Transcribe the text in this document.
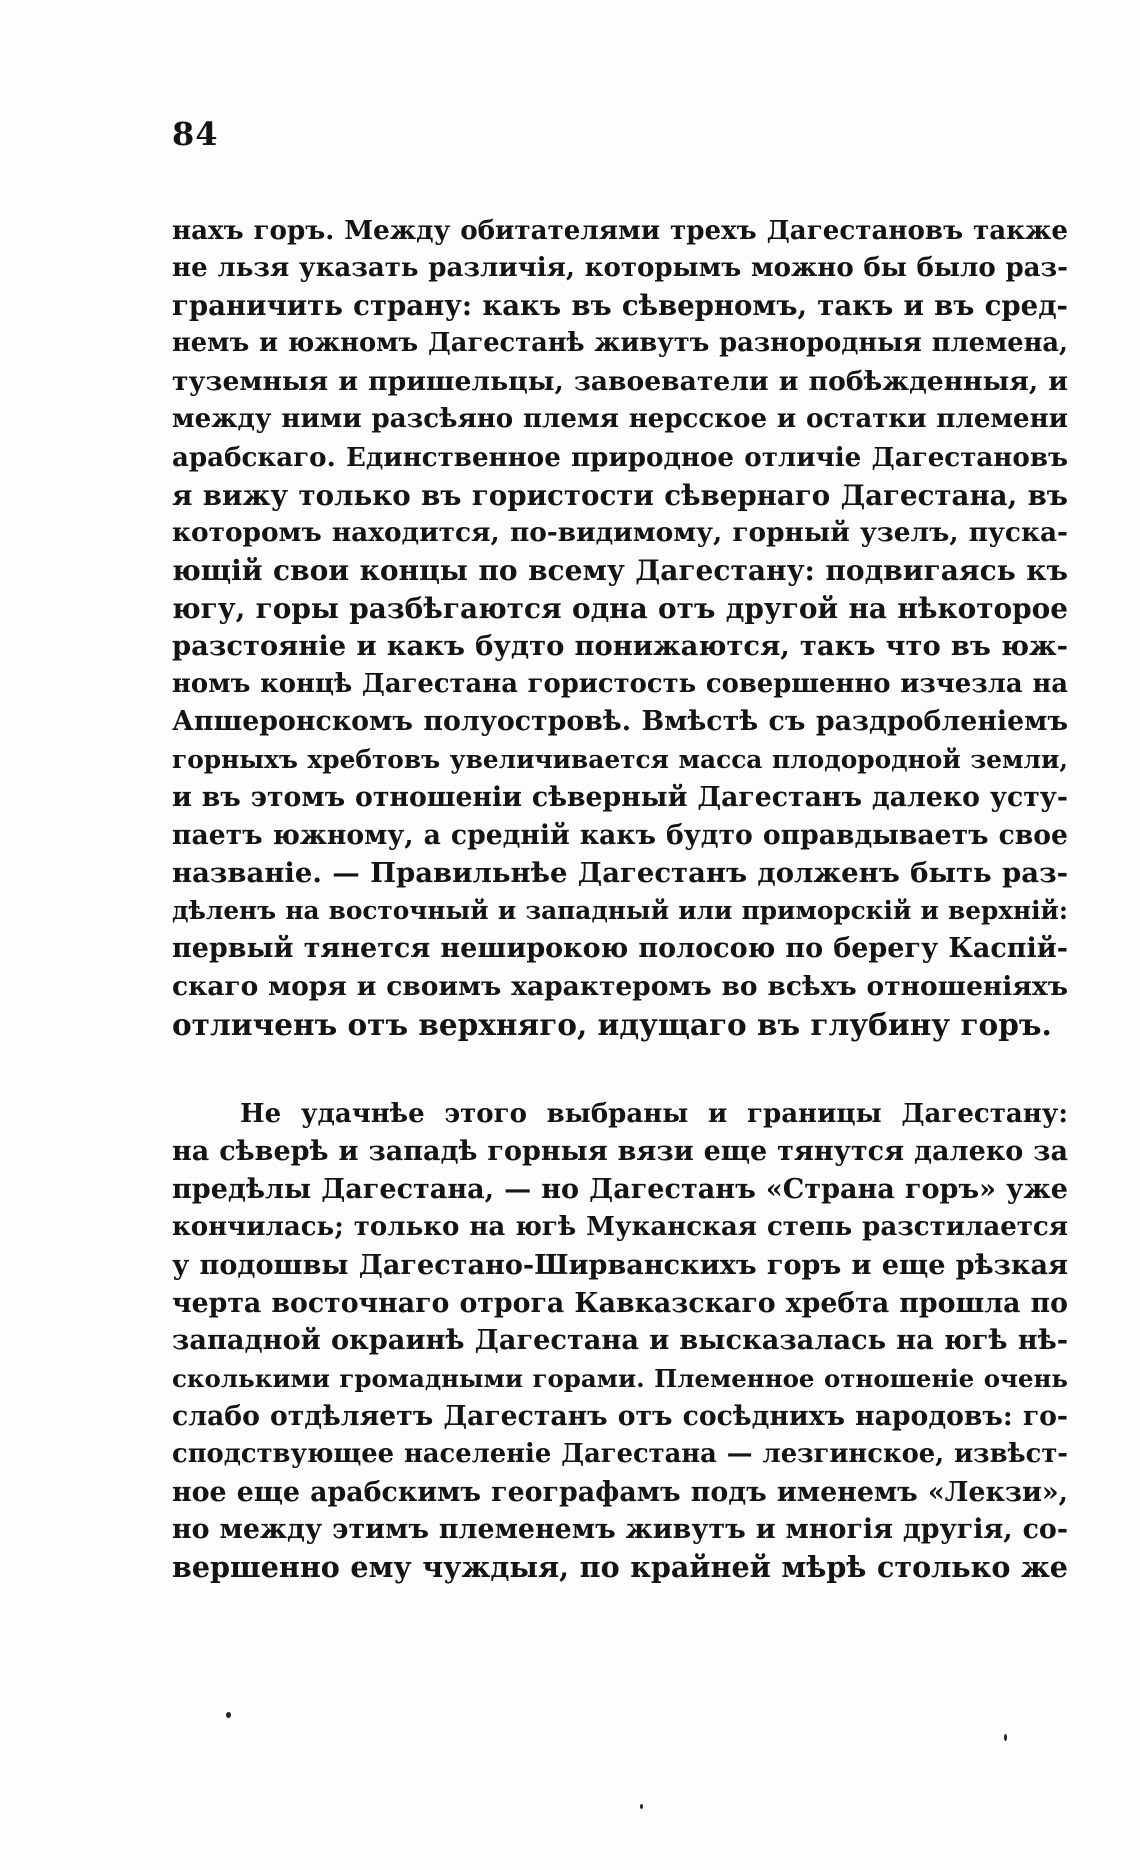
84

нахъ горъ. Между обитателями трехъ Дагестановъ также
не льзя указать различія, которымъ можно бы было раз-
граничить страну: какъ въ сѣверномъ, такъ и въ сред-
немъ и южномъ Дагестанѣ живутъ разнородныя племена,
туземныя и пришельцы, завоеватели и побѣжденныя, и
между ними разсѣяно племя нерсское и остатки племени
арабскаго. Единственное природное отличіе Дагестановъ
я вижу только въ гористости сѣвернаго Дагестана, въ
которомъ находится, по-видимому, горный узелъ, пуска-
ющій свои концы по всему Дагестану: подвигаясь къ
югу, горы разбѣгаются одна отъ другой на нѣкоторое
разстояніе и какъ будто понижаются, такъ что въ юж-
номъ концѣ Дагестана гористость совершенно изчезла на
Апшеронскомъ полуостровѣ. Вмѣстѣ съ раздробленіемъ
горныхъ хребтовъ увеличивается масса плодородной земли,
и въ этомъ отношеніи сѣверный Дагестанъ далеко усту-
паетъ южному, а средній какъ будто оправдываетъ свое
названіе. — Правильнѣе Дагестанъ долженъ быть раз-
дѣленъ на восточный и западный или приморскій и верхній:
первый тянется неширокою полосою по берегу Каспій-
скаго моря и своимъ характеромъ во всѣхъ отношеніяхъ
отличенъ отъ верхняго, идущаго въ глубину горъ.

Не удачнѣе этого выбраны и границы Дагестану:
на сѣверѣ и западѣ горныя вязи еще тянутся далеко за
предѣлы Дагестана, — но Дагестанъ «Страна горъ» уже
кончилась; только на югѣ Муканская степь разстилается
у подошвы Дагестано-Ширванскихъ горъ и еще рѣзкая
черта восточнаго отрога Кавказскаго хребта прошла по
западной окраинѣ Дагестана и высказалась на югѣ нѣ-
сколькими громадными горами. Племенное отношеніе очень
слабо отдѣляетъ Дагестанъ отъ сосѣднихъ народовъ: го-
сподствующее населеніе Дагестана — лезгинское, извѣст-
ное еще арабскимъ географамъ подъ именемъ «Лекзи»,
но между этимъ племенемъ живутъ и многія другія, со-
вершенно ему чуждыя, по крайней мѣрѣ столько же
